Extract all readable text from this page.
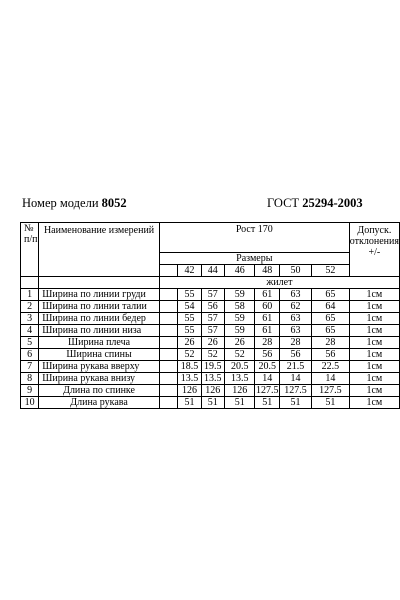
Номер модели 8052	ГОСТ 25294-2003
№ п/п	Наименование измерений	Рост 170							Допуск. отклонения +/-
		Размеры							
			42	44	46	48	50	52	
		жилет							
1	Ширина по линии груди		55	57	59	61	63	65	1см
2	Ширина по линии талии		54	56	58	60	62	64	1см
3	Ширина по линии бедер		55	57	59	61	63	65	1см
4	Ширина по линии низа		55	57	59	61	63	65	1см
5	Ширина плеча		26	26	26	28	28	28	1см
6	Ширина спины		52	52	52	56	56	56	1см
7	Ширина рукава вверху		18.5	19.5	20.5	20.5	21.5	22.5	1см
8	Ширина рукава внизу		13.5	13.5	13.5	14	14	14	1см
9	Длина по спинке		126	126	126	127.5	127.5	127.5	1см
10	Длина рукава		51	51	51	51	51	51	1см
